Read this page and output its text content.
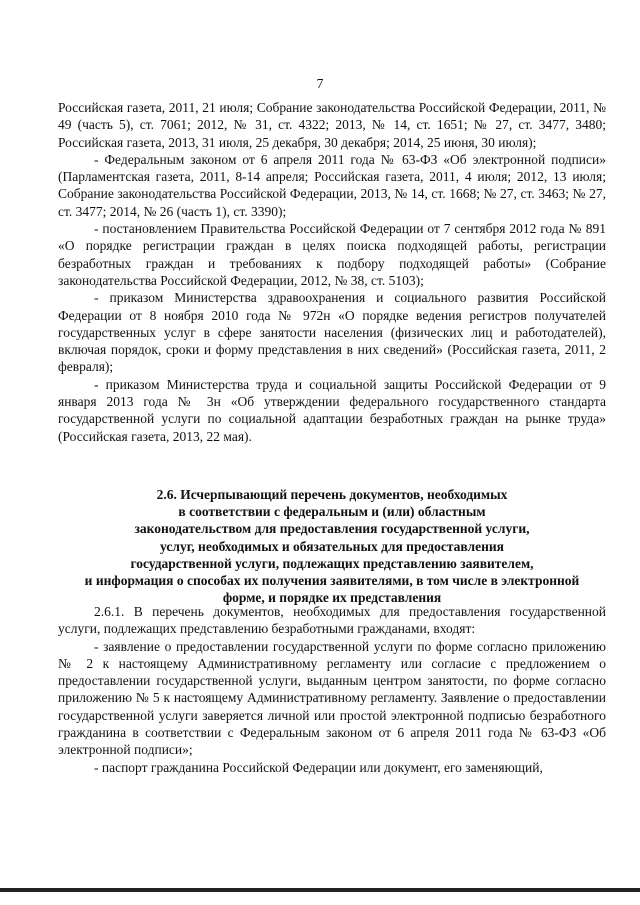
7

Российская газета, 2011, 21 июля; Собрание законодательства Российской Федерации, 2011, № 49 (часть 5), ст. 7061; 2012, № 31, ст. 4322; 2013, № 14, ст. 1651; № 27, ст. 3477, 3480; Российская газета, 2013, 31 июля, 25 декабря, 30 декабря; 2014, 25 июня, 30 июля);

- Федеральным законом от 6 апреля 2011 года № 63-ФЗ «Об электронной подписи» (Парламентская газета, 2011, 8-14 апреля; Российская газета, 2011, 4 июля; 2012, 13 июля; Собрание законодательства Российской Федерации, 2013, № 14, ст. 1668; № 27, ст. 3463; № 27, ст. 3477; 2014, № 26 (часть 1), ст. 3390);

- постановлением Правительства Российской Федерации от 7 сентября 2012 года № 891 «О порядке регистрации граждан в целях поиска подходящей работы, регистрации безработных граждан и требованиях к подбору подходящей работы» (Собрание законодательства Российской Федерации, 2012, № 38, ст. 5103);

- приказом Министерства здравоохранения и социального развития Российской Федерации от 8 ноября 2010 года № 972н «О порядке ведения регистров получателей государственных услуг в сфере занятости населения (физических лиц и работодателей), включая порядок, сроки и форму представления в них сведений» (Российская газета, 2011, 2 февраля);

- приказом Министерства труда и социальной защиты Российской Федерации от 9 января 2013 года № 3н «Об утверждении федерального государственного стандарта государственной услуги по социальной адаптации безработных граждан на рынке труда» (Российская газета, 2013, 22 мая).

2.6. Исчерпывающий перечень документов, необходимых
в соответствии с федеральным и (или) областным
законодательством для предоставления государственной услуги,
услуг, необходимых и обязательных для предоставления
государственной услуги, подлежащих представлению заявителем,
и информация о способах их получения заявителями, в том числе в электронной
форме, и порядке их представления

2.6.1. В перечень документов, необходимых для предоставления государственной услуги, подлежащих представлению безработными гражданами, входят:

- заявление о предоставлении государственной услуги по форме согласно приложению № 2 к настоящему Административному регламенту или согласие с предложением о предоставлении государственной услуги, выданным центром занятости, по форме согласно приложению № 5 к настоящему Административному регламенту. Заявление о предоставлении государственной услуги заверяется личной или простой электронной подписью безработного гражданина в соответствии с Федеральным законом от 6 апреля 2011 года № 63-ФЗ «Об электронной подписи»;

- паспорт гражданина Российской Федерации или документ, его заменяющий,
